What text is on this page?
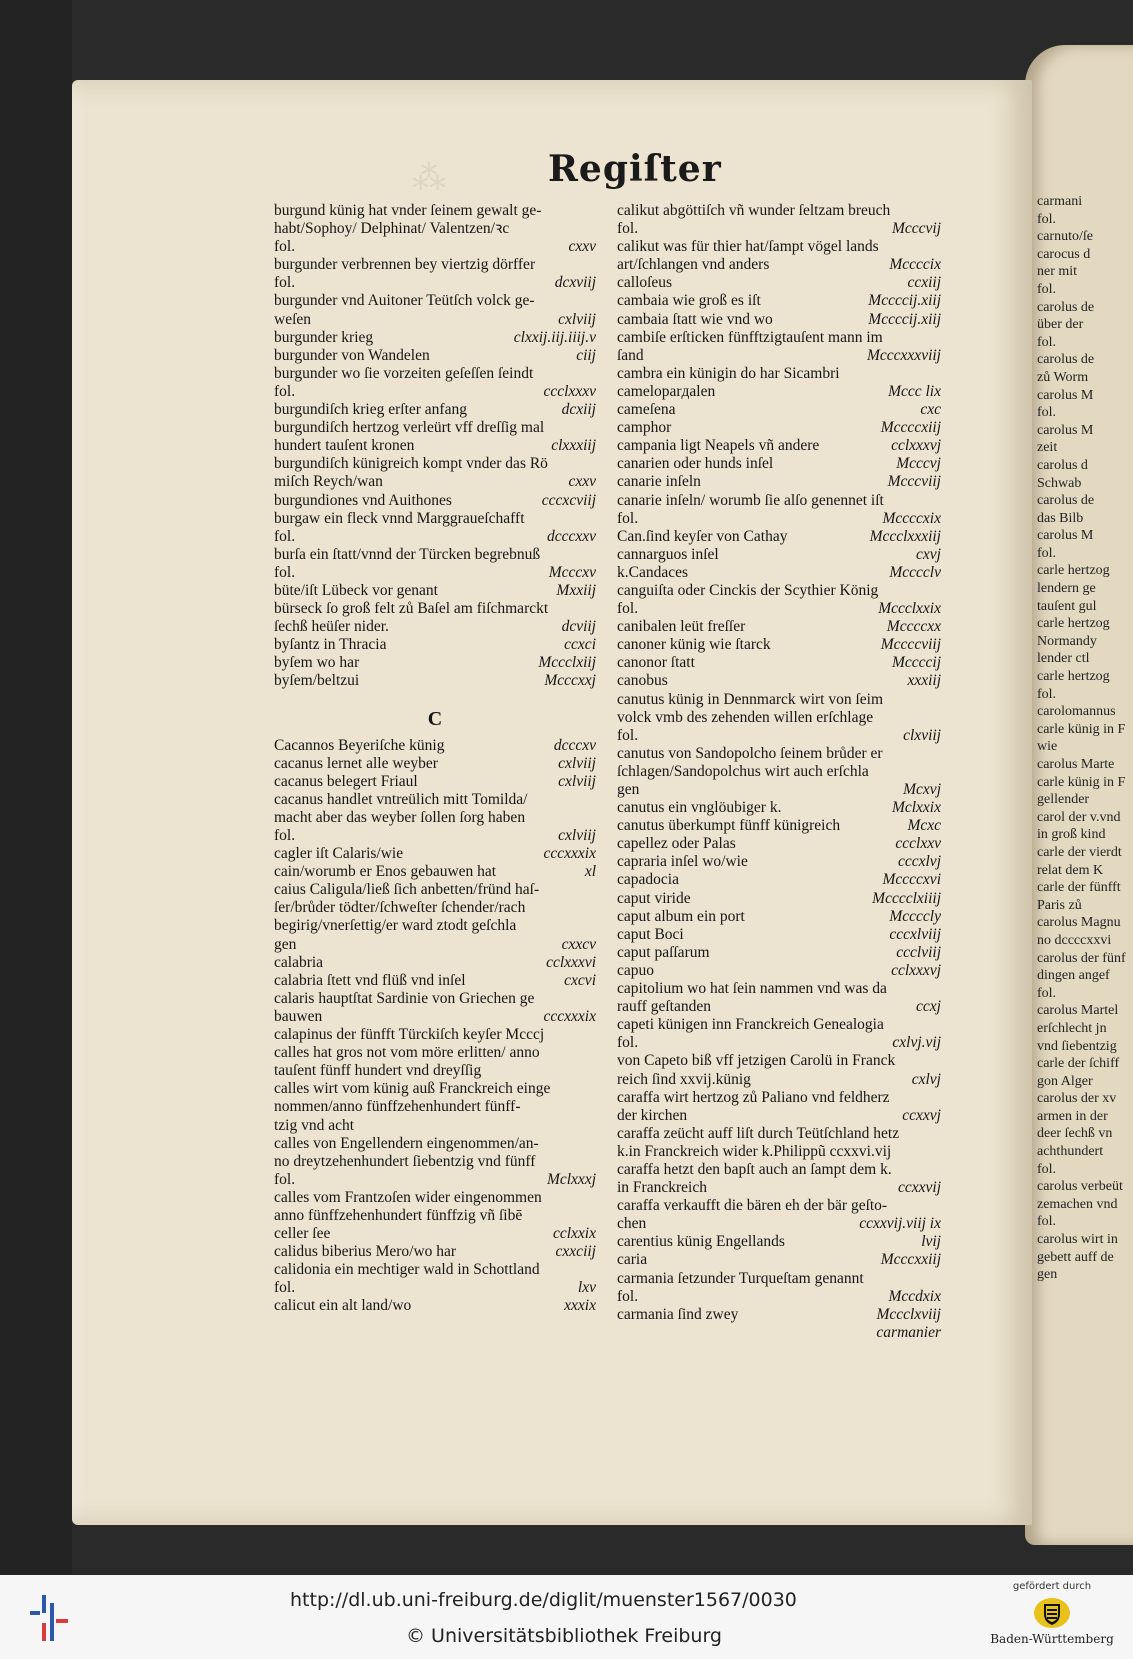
carmani
fol.
carnuto/ſe
carocus d
ner mit
fol.
carolus de
über der
fol.
carolus de
zů Worm
carolus M
fol.
carolus M
zeit
carolus d
Schwab
carolus de
das Bilb
carolus M
fol.
carle hertzog
lendern ge
tauſent gul
carle hertzog
Normandy
lender ctl
carle hertzog
fol.
carolomannus
carle künig in F
wie
carolus Marte
carle künig in F
gellender
carol der v.vnd
in groß kind
carle der vierdt
relat dem K
carle der fünfft
Paris zů
carolus Magnu
no dccccxxvi
carolus der fünf
dingen angef
fol.
carolus Martel
erſchlecht jn
vnd ſiebentzig
carle der ſchiff
gon Alger
carolus der xv
armen in der
deer ſechß vn
achthundert
fol.
carolus verbeüt
zemachen vnd
fol.
carolus wirt in
gebett auff de
gen
⁂	Regiſter
burgund künig hat vnder ſeinem gewalt ge-
habt/Sophoy/ Delphinat/ Valentzen/ꝛc
fol.	cxxv
burgunder verbrennen bey viertzig dörffer
fol.	dcxviij
burgunder vnd Auitoner Teütſch volck ge-
weſen	cxlviij
burgunder krieg	clxxij.iij.iiij.v
burgunder von Wandelen	ciij
burgunder wo ſie vorzeiten geſeſſen ſeindt
fol.	ccclxxxv
burgundiſch krieg erſter anfang	dcxiij
burgundiſch hertzog verleürt vff dreſſig mal
hundert tauſent kronen	clxxxiij
burgundiſch künigreich kompt vnder das Rö
miſch Reych/wan	cxxv
burgundiones vnd Auithones	cccxcviij
burgaw ein fleck vnnd Marggraueſchafft
fol.	dcccxxv
burſa ein ſtatt/vnnd der Türcken begrebnuß
fol.	Mcccxv
büte/iſt Lübeck vor genant	Mxxiij
bürseck ſo groß felt zů Baſel am fiſchmarckt
ſechß heüſer nider.	dcviij
byſantz in Thracia	ccxci
byſem wo har	Mccclxiij
byſem/beltzui	Mcccxxj
C
Cacannos Beyeriſche künig	dcccxv
cacanus lernet alle weyber	cxlviij
cacanus belegert Friaul	cxlviij
cacanus handlet vntreülich mitt Tomilda/
macht aber das weyber ſollen ſorg haben
fol.	cxlviij
cagler iſt Calaris/wie	cccxxxix
cain/worumb er Enos gebauwen hat	xl
caius Caligula/ließ ſich anbetten/fründ haſ-
ſer/brůder tödter/ſchweſter ſchender/rach
begirig/vnerſettig/er ward ztodt geſchla
gen	cxxcv
calabria	cclxxxvi
calabria ſtett vnd flüß vnd inſel	cxcvi
calaris hauptſtat Sardinie von Griechen ge
bauwen	cccxxxix
calapinus der fünfft Türckiſch keyſer Mcccj
calles hat gros not vom möre erlitten/ anno
tauſent fünff hundert vnd dreyſſig
calles wirt vom künig auß Franckreich einge
nommen/anno fünffzehenhundert fünff-
tzig vnd acht
calles von Engellendern eingenommen/an-
no dreytzehenhundert ſiebentzig vnd fünff
fol.	Mclxxxj
calles vom Frantzoſen wider eingenommen
anno fünffzehenhundert fünffzig vñ ſibē
celler ſee	cclxxix
calidus biberius Mero/wo har	cxxciij
calidonia ein mechtiger wald in Schottland
fol.	lxv
calicut ein alt land/wo	xxxix
calikut abgöttiſch vñ wunder ſeltzam breuch
fol.	Mcccvij
calikut was für thier hat/ſampt vögel lands
art/ſchlangen vnd anders	Mccccix
calloſeus	ccxiij
cambaia wie groß es iſt	Mccccij.xiij
cambaia ſtatt wie vnd wo	Mccccij.xiij
cambiſe erſticken fünfftzigtauſent mann im
ſand	Mcccxxxviij
cambra ein künigin do har Sicambri
cameloparдalen	Mccc lix
cameſena	cxc
camphor	Mccccxiij
campania ligt Neapels vñ andere	cclxxxvj
canarien oder hunds inſel	Mcccvj
canarie inſeln	Mcccviij
canarie inſeln/ worumb ſie alſo genennet iſt
fol.	Mccccxix
Can.ſind keyſer von Cathay	Mccclxxxiij
cannarguos inſel	cxvj
k.Candaces	Mcccclv
canguiſta oder Cinckis der Scythier König
fol.	Mccclxxix
canibalen leüt freſſer	Mccccxx
canoner künig wie ſtarck	Mccccviij
canonor ſtatt	Mccccij
canobus	xxxiij
canutus künig in Dennmarck wirt von ſeim
volck vmb des zehenden willen erſchlage
fol.	clxviij
canutus von Sandopolcho ſeinem brůder er
ſchlagen/Sandopolchus wirt auch erſchla
gen	Mcxvj
canutus ein vnglöubiger k.	Mclxxix
canutus überkumpt fünff künigreich	Mcxc
capellez oder Palas	ccclxxv
capraria inſel wo/wie	cccxlvj
capadocia	Mccccxvi
caput viride	Mcccclxiiij
caput album ein port	Mccccly
caput Boci	cccxlviij
caput paſſarum	ccclviij
capuo	cclxxxvj
capitolium wo hat ſein nammen vnd was da
rauff geſtanden	ccxj
capeti künigen inn Franckreich Genealogia
fol.	cxlvj.vij
von Capeto biß vff jetzigen Carolü in Franck
reich ſind xxvij.künig	cxlvj
caraffa wirt hertzog zů Paliano vnd feldherz
der kirchen	ccxxvj
caraffa zeücht auff liſt durch Teütſchland hetz
k.in Franckreich wider k.Philippũ ccxxvi.vij
caraffa hetzt den bapſt auch an ſampt dem k.
in Franckreich	ccxxvij
caraffa verkaufft die bären eh der bär geſto-
chen	ccxxvij.viij ix
carentius künig Engellands	lvij
caria	Mcccxxiij
carmania ſetzunder Turqueſtam genannt
fol.	Mccdxix
carmania ſind zwey	Mccclxviij

carmanier
http://dl.ub.uni-freiburg.de/diglit/muenster1567/0030
© Universitätsbibliothek Freiburg
gefördert durch
Baden-Württemberg
